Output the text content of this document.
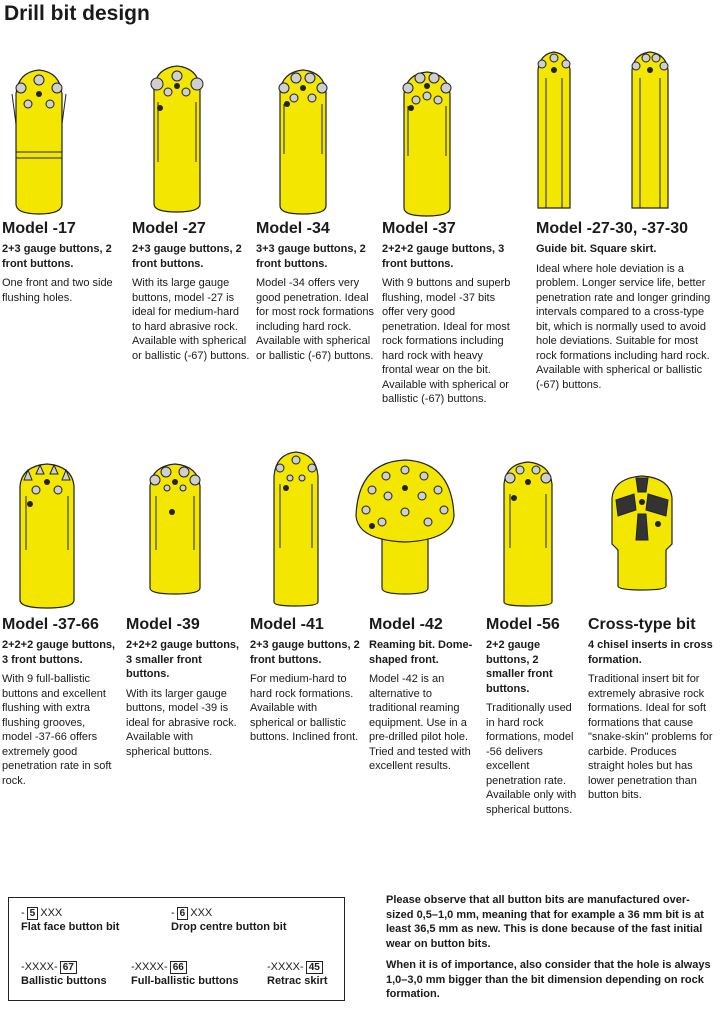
Drill bit design
Model -17
2+3 gauge buttons, 2 front buttons.
One front and two side flushing holes.
Model -27
2+3 gauge buttons, 2 front buttons.
With its large gauge buttons, model -27 is ideal for medium-hard to hard abrasive rock. Available with spherical or ballistic (-67) buttons.
Model -34
3+3 gauge buttons, 2 front buttons.
Model -34 offers very good penetration. Ideal for most rock formations including hard rock. Available with spherical or ballistic (-67) buttons.
Model -37
2+2+2 gauge buttons, 3 front buttons.
With 9 buttons and superb flushing, model -37 bits offer very good penetration. Ideal for most rock formations including hard rock with heavy frontal wear on the bit. Available with spherical or ballistic (-67) buttons.
Model -27-30, -37-30
Guide bit. Square skirt.
Ideal where hole deviation is a problem. Longer service life, better penetration rate and longer grinding intervals compared to a cross-type bit, which is normally used to avoid hole deviations. Suitable for most rock formations including hard rock. Available with spherical or ballistic (-67) buttons.
Model -37-66
2+2+2 gauge buttons, 3 front buttons.
With 9 full-ballistic buttons and excellent flushing with extra flushing grooves, model -37-66 offers extremely good penetration rate in soft rock.
Model -39
2+2+2 gauge buttons, 3 smaller front buttons.
With its larger gauge buttons, model -39 is ideal for abrasive rock. Available with spherical buttons.
Model -41
2+3 gauge buttons, 2 front buttons.
For medium-hard to hard rock formations. Available with spherical or ballistic buttons. Inclined front.
Model -42
Reaming bit. Dome-shaped front.
Model -42 is an alternative to traditional reaming equipment. Use in a pre-drilled pilot hole. Tried and tested with excellent results.
Model -56
2+2 gauge buttons, 2 smaller front buttons.
Traditionally used in hard rock formations, model -56 delivers excellent penetration rate. Available only with spherical buttons.
Cross-type bit
4 chisel inserts in cross formation.
Traditional insert bit for extremely abrasive rock formations. Ideal for soft formations that cause "snake-skin" problems for carbide. Produces straight holes but has lower penetration than button bits.
- 5 XXX
Flat face button bit
- 6 XXX
Drop centre button bit
-XXXX- 67
Ballistic buttons
-XXXX- 66
Full-ballistic buttons
-XXXX- 45
Retrac skirt
Please observe that all button bits are manufactured over-sized 0,5–1,0 mm, meaning that for example a 36 mm bit is at least 36,5 mm as new. This is done because of the fast initial wear on button bits.
When it is of importance, also consider that the hole is always 1,0–3,0 mm bigger than the bit dimension depending on rock formation.
